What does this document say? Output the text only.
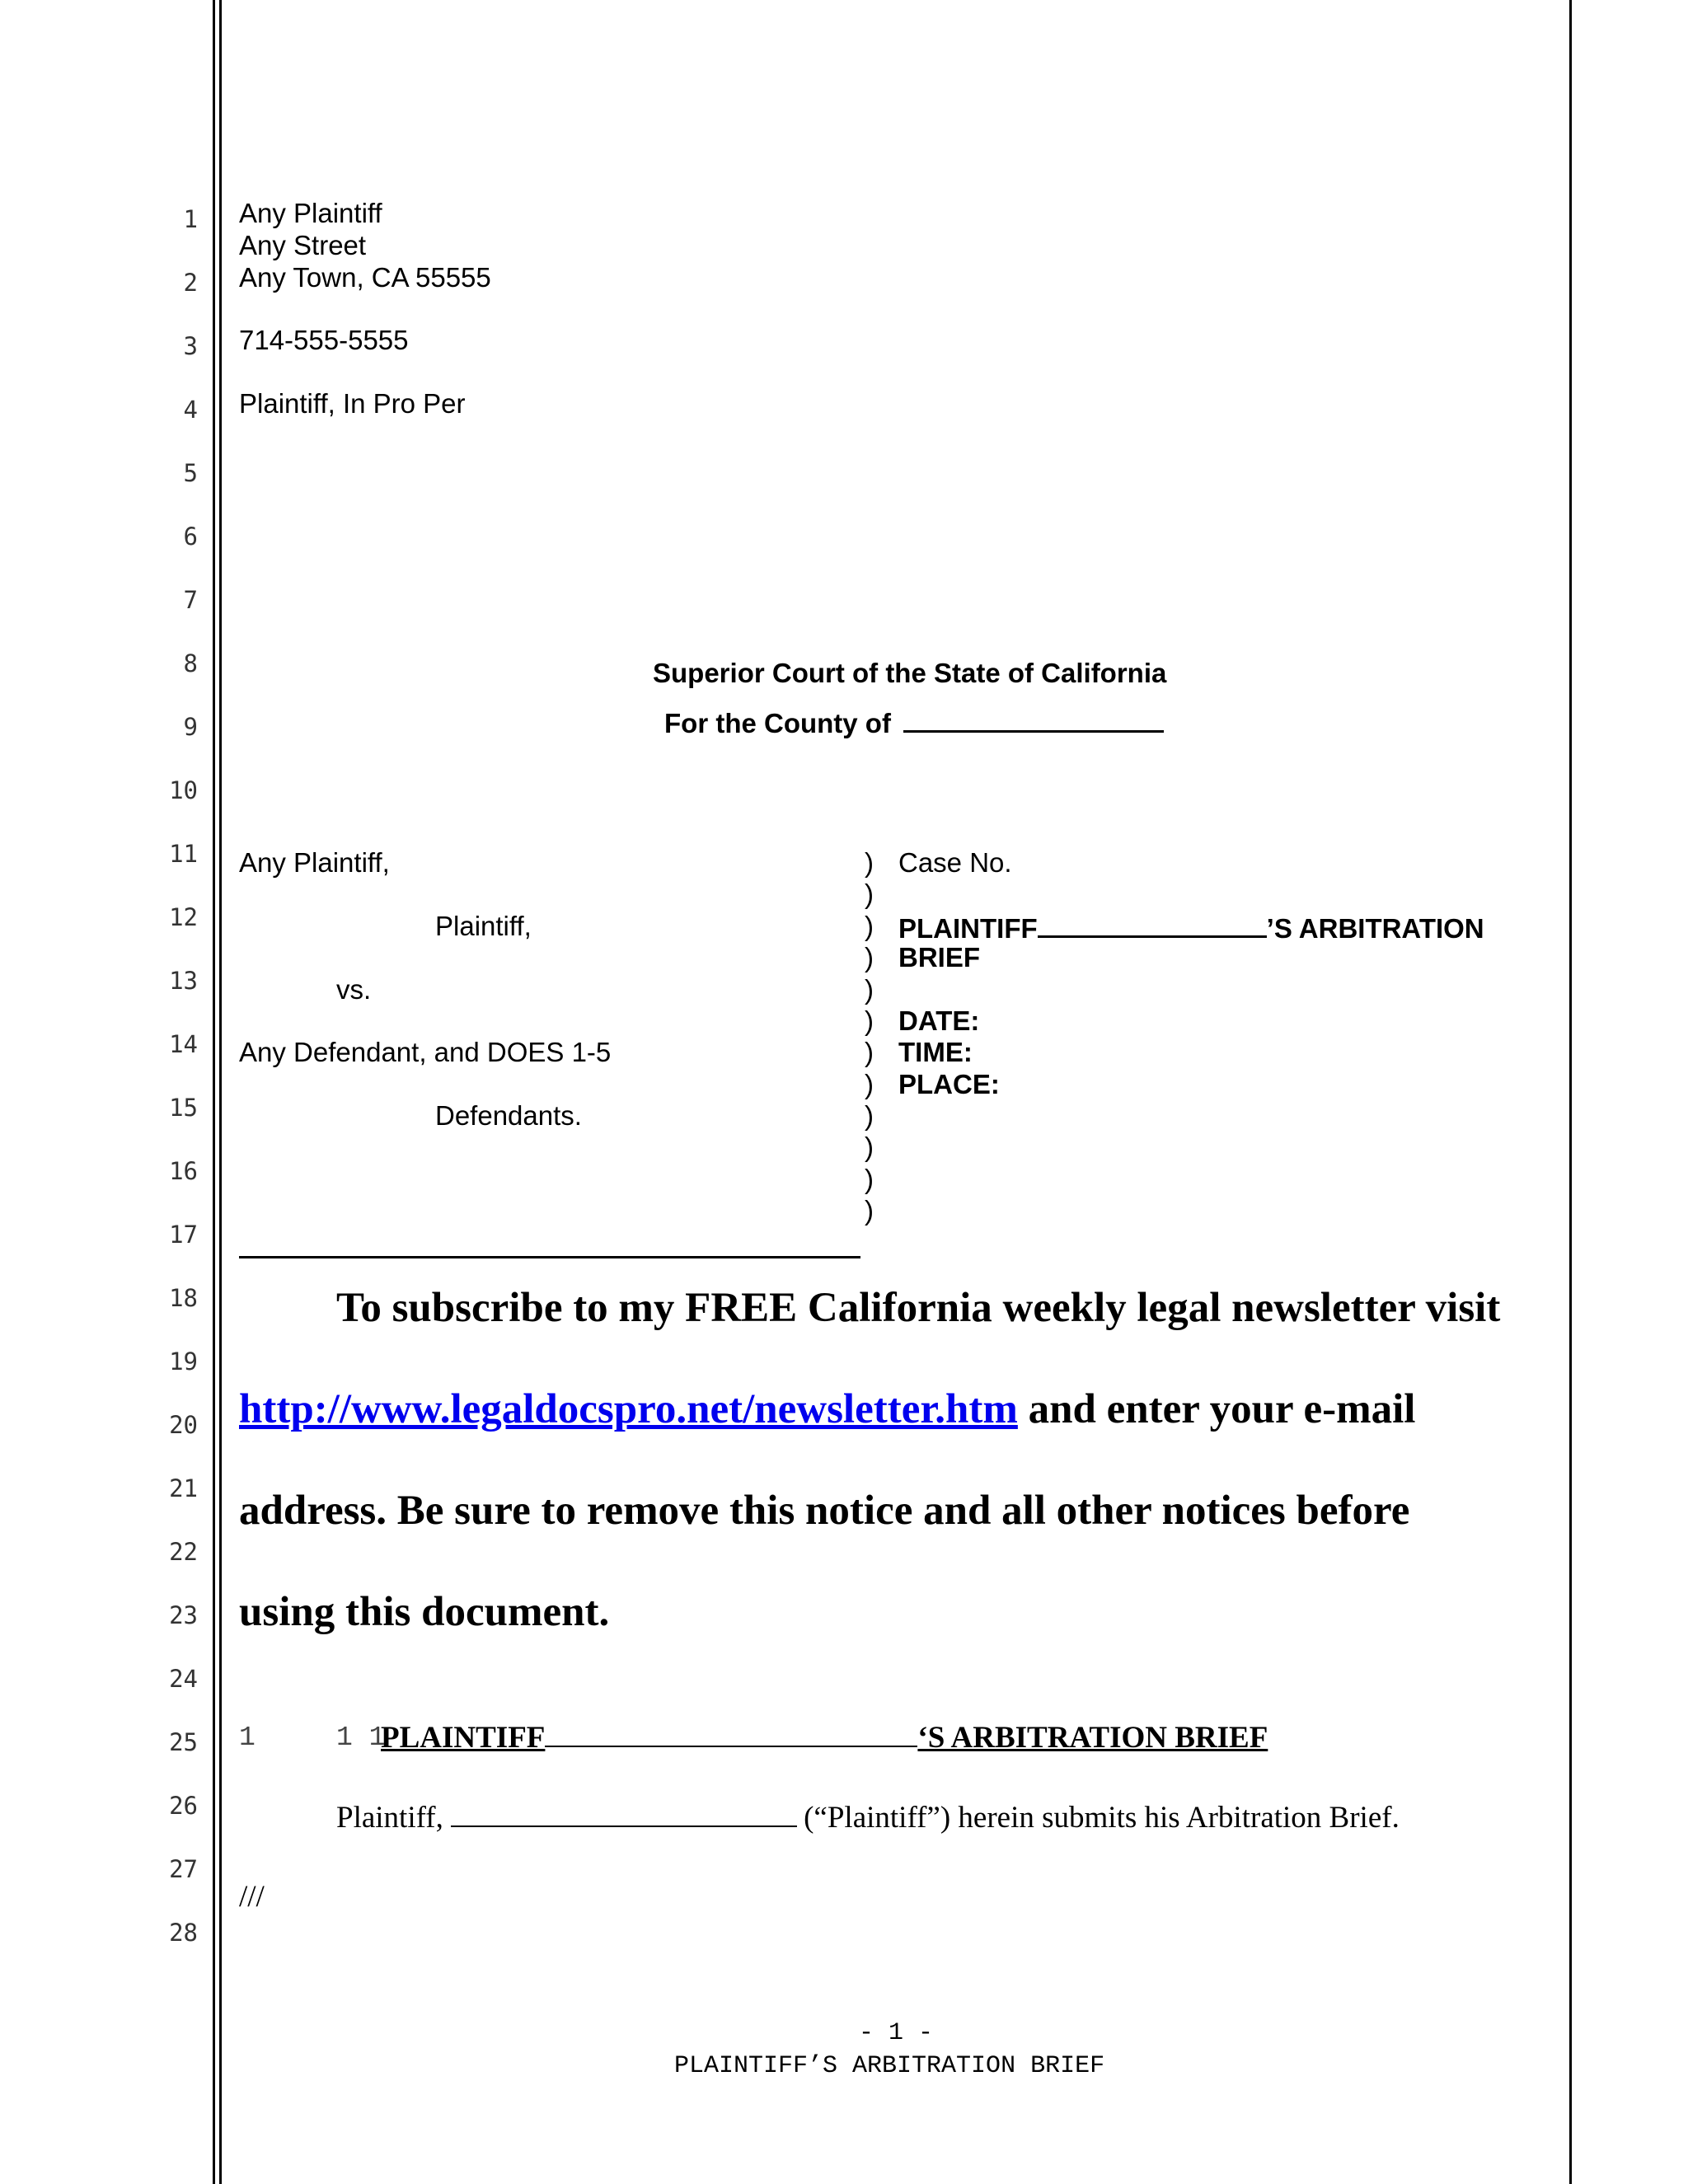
1
2
3
4
5
6
7
8
9
10
11
12
13
14
15
16
17
18
19
20
21
22
23
24
25
26
27
28
Any Plaintiff
Any Street
Any Town, CA 55555
714-555-5555
Plaintiff, In Pro Per
Superior Court of the State of California
For the County of
Any Plaintiff,
Plaintiff,
vs.
Any Defendant, and DOES 1-5
Defendants.
)
)
)
)
)
)
)
)
)
)
)
)
Case No.
PLAINTIFF	’S ARBITRATION
BRIEF
DATE:
TIME:
PLACE:
To subscribe to my FREE California weekly legal newsletter visit
http://www.legaldocspro.net/newsletter.htm and enter your e-mail
address. Be sure to remove this notice and all other notices before
using this document.
1	1 1
PLAINTIFF	‘S ARBITRATION BRIEF
Plaintiff,	(“Plaintiff”) herein submits his Arbitration Brief.
///
- 1 -
PLAINTIFF’S ARBITRATION BRIEF
